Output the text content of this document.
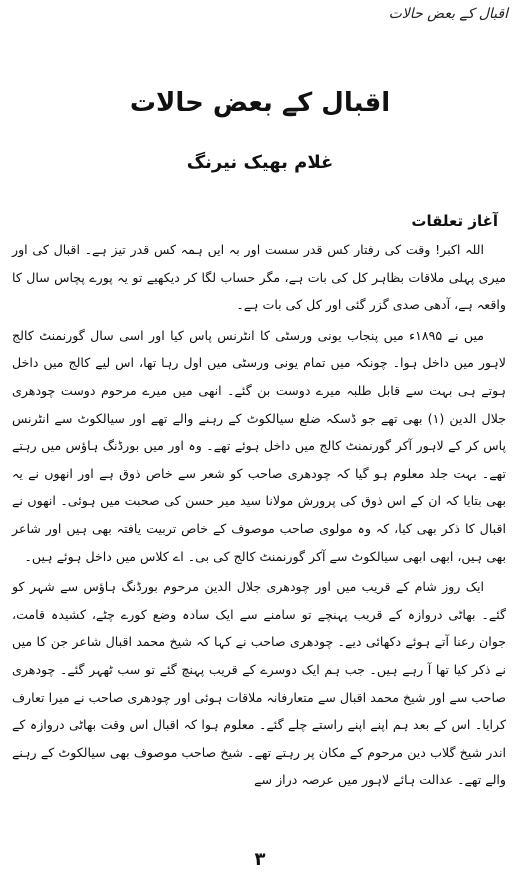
اقبال کے بعض حالات
اقبال کے بعض حالات
غلام بھیک نیرنگ
آغاز تعلقات

اللہ اکبر! وقت کی رفتار کس قدر سست اور بہ ایں ہمہ کس قدر تیز ہے۔ اقبال کی اور میری پہلی ملاقات بظاہر کل کی بات ہے، مگر حساب لگا کر دیکھیے تو یہ پورے پچاس سال کا واقعہ ہے، آدھی صدی گزر گئی اور کل کی بات ہے۔

میں نے ۱۸۹۵ء میں پنجاب یونی ورسٹی کا انٹرنس پاس کیا اور اسی سال گورنمنٹ کالج لاہور میں داخل ہوا۔ چونکہ میں تمام یونی ورسٹی میں اول رہا تھا، اس لیے کالج میں داخل ہوتے ہی بہت سے قابل طلبہ میرے دوست بن گئے۔ انھی میں میرے مرحوم دوست چودھری جلال الدین (۱) بھی تھے جو ڈسکہ ضلع سیالکوٹ کے رہنے والے تھے اور سیالکوٹ سے انٹرنس پاس کر کے لاہور آکر گورنمنٹ کالج میں داخل ہوئے تھے۔ وہ اور میں بورڈنگ ہاؤس میں رہتے تھے۔ بہت جلد معلوم ہو گیا کہ چودھری صاحب کو شعر سے خاص ذوق ہے اور انھوں نے یہ بھی بتایا کہ ان کے اس ذوق کی پرورش مولانا سید میر حسن کی صحبت میں ہوئی۔ انھوں نے اقبال کا ذکر بھی کیا، کہ وہ مولوی صاحب موصوف کے خاص تربیت یافتہ بھی ہیں اور شاعر بھی ہیں، ابھی ابھی سیالکوٹ سے آکر گورنمنٹ کالج کی بی۔ اے کلاس میں داخل ہوئے ہیں۔

ایک روز شام کے قریب میں اور چودھری جلال الدین مرحوم بورڈنگ ہاؤس سے شہر کو گئے۔ بھاٹی دروازہ کے قریب پہنچے تو سامنے سے ایک سادہ وضع کورے چٹے، کشیدہ قامت، جوان رعنا آتے ہوئے دکھائی دیے۔ چودھری صاحب نے کہا کہ شیخ محمد اقبال شاعر جن کا میں نے ذکر کیا تھا آ رہے ہیں۔ جب ہم ایک دوسرے کے قریب پہنچ گئے تو سب ٹھہر گئے۔ چودھری صاحب سے اور شیخ محمد اقبال سے متعارفانہ ملاقات ہوئی اور چودھری صاحب نے میرا تعارف کرایا۔ اس کے بعد ہم اپنے اپنے راستے چلے گئے۔ معلوم ہوا کہ اقبال اس وقت بھاٹی دروازہ کے اندر شیخ گلاب دین مرحوم کے مکان پر رہتے تھے۔ شیخ صاحب موصوف بھی سیالکوٹ کے رہنے والے تھے۔ عدالت ہائے لاہور میں عرصہ دراز سے

۳
